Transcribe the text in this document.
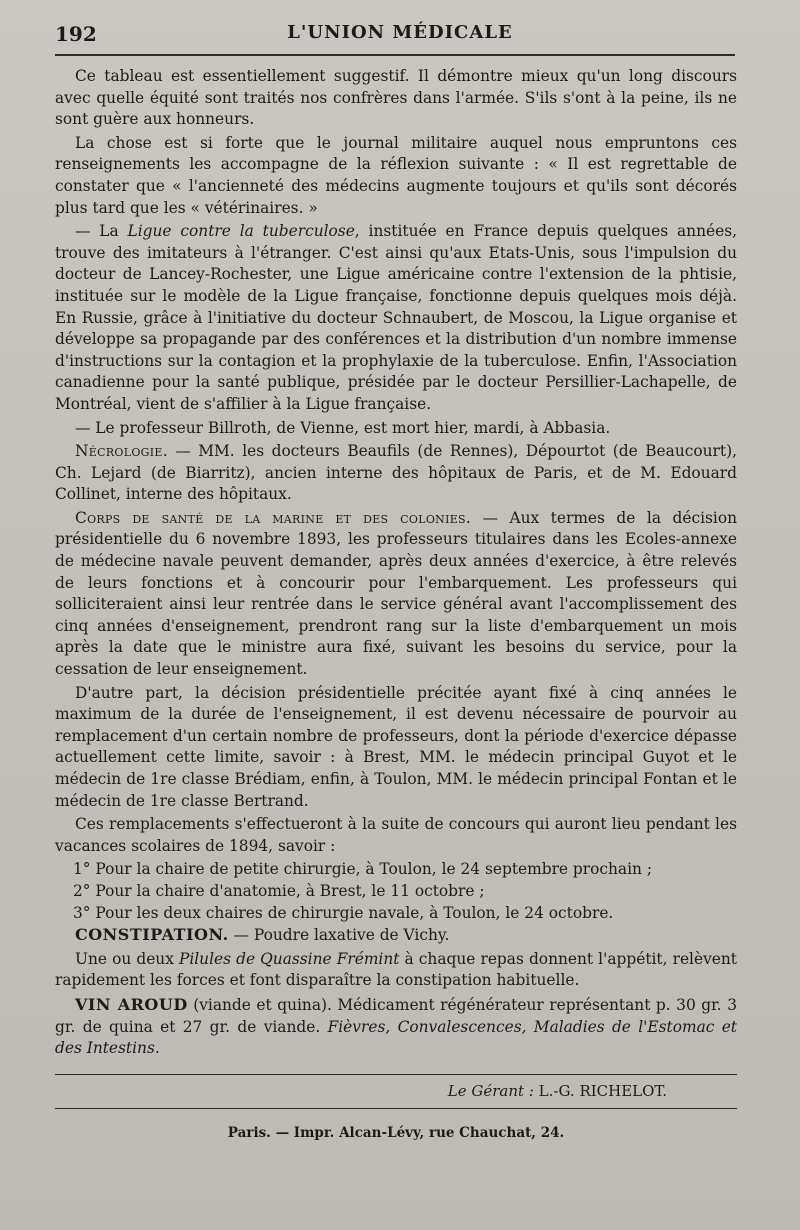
192	L'UNION MÉDICALE

Ce tableau est essentiellement suggestif. Il démontre mieux qu'un long discours avec quelle équité sont traités nos confrères dans l'armée. S'ils s'ont à la peine, ils ne sont guère aux honneurs.

La chose est si forte que le journal militaire auquel nous empruntons ces renseignements les accompagne de la réflexion suivante : « Il est regrettable de constater que « l'ancienneté des médecins augmente toujours et qu'ils sont décorés plus tard que les « vétérinaires. »

— La Ligue contre la tuberculose, instituée en France depuis quelques années, trouve des imitateurs à l'étranger. C'est ainsi qu'aux Etats-Unis, sous l'impulsion du docteur de Lancey-Rochester, une Ligue américaine contre l'extension de la phtisie, instituée sur le modèle de la Ligue française, fonctionne depuis quelques mois déjà. En Russie, grâce à l'initiative du docteur Schnaubert, de Moscou, la Ligue organise et développe sa propagande par des conférences et la distribution d'un nombre immense d'instructions sur la contagion et la prophylaxie de la tuberculose. Enfin, l'Association canadienne pour la santé publique, présidée par le docteur Persillier-Lachapelle, de Montréal, vient de s'affilier à la Ligue française.

— Le professeur Billroth, de Vienne, est mort hier, mardi, à Abbasia.

Nécrologie. — MM. les docteurs Beaufils (de Rennes), Dépourtot (de Beaucourt), Ch. Lejard (de Biarritz), ancien interne des hôpitaux de Paris, et de M. Edouard Collinet, interne des hôpitaux.

Corps de santé de la marine et des colonies. — Aux termes de la décision présidentielle du 6 novembre 1893, les professeurs titulaires dans les Ecoles-annexe de médecine navale peuvent demander, après deux années d'exercice, à être relevés de leurs fonctions et à concourir pour l'embarquement. Les professeurs qui solliciteraient ainsi leur rentrée dans le service général avant l'accomplissement des cinq années d'enseignement, prendront rang sur la liste d'embarquement un mois après la date que le ministre aura fixé, suivant les besoins du service, pour la cessation de leur enseignement.

D'autre part, la décision présidentielle précitée ayant fixé à cinq années le maximum de la durée de l'enseignement, il est devenu nécessaire de pourvoir au remplacement d'un certain nombre de professeurs, dont la période d'exercice dépasse actuellement cette limite, savoir : à Brest, MM. le médecin principal Guyot et le médecin de 1re classe Brédiam, enfin, à Toulon, MM. le médecin principal Fontan et le médecin de 1re classe Bertrand.

Ces remplacements s'effectueront à la suite de concours qui auront lieu pendant les vacances scolaires de 1894, savoir :

1° Pour la chaire de petite chirurgie, à Toulon, le 24 septembre prochain ;

2° Pour la chaire d'anatomie, à Brest, le 11 octobre ;

3° Pour les deux chaires de chirurgie navale, à Toulon, le 24 octobre.

CONSTIPATION. — Poudre laxative de Vichy.

Une ou deux Pilules de Quassine Frémint à chaque repas donnent l'appétit, relèvent rapidement les forces et font disparaître la constipation habituelle.

VIN AROUD (viande et quina). Médicament régénérateur représentant p. 30 gr. 3 gr. de quina et 27 gr. de viande. Fièvres, Convalescences, Maladies de l'Estomac et des Intestins.

Le Gérant : L.-G. RICHELOT.
Paris. — Impr. Alcan-Lévy, rue Chauchat, 24.
